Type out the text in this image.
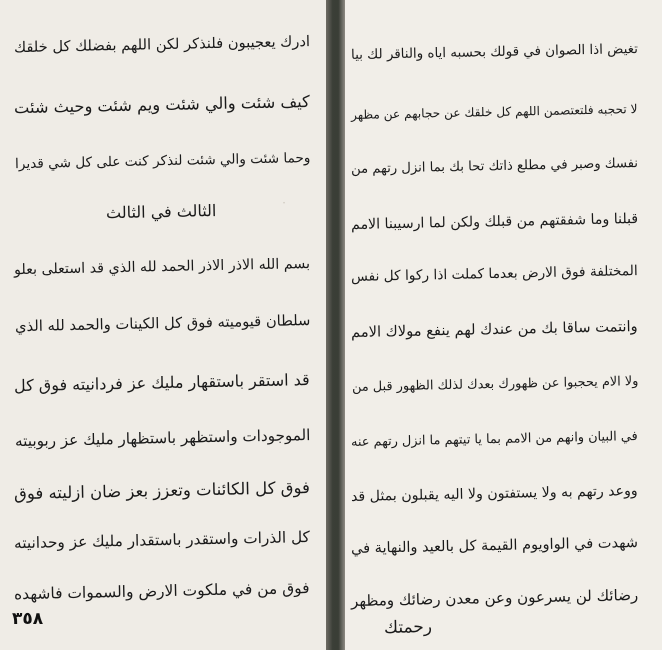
·
ادرك يعجيبون فلنذكر لكن اللهم بفضلك كل خلقك
كيف شئت والي شئت ويم شئت وحيث شئت
وحما شئت والي شئت لنذكر كنت على كل شي قديرا
الثالث في الثالث
بسم الله الاذر الاذر الحمد لله الذي قد استعلى بعلو
سلطان قيوميته فوق كل الكينات والحمد لله الذي
قد استقر باستقهار مليك عز فردانيته فوق كل
الموجودات واستظهر باستظهار مليك عز ربوبيته
فوق كل الكائنات وتعزز بعز ضان ازليته فوق
كل الذرات واستقدر باستقدار مليك عز وحدانيته
فوق من في ملكوت الارض والسموات فاشهده
٣٥٨
تغيض اذا الصوان في قولك بحسبه اياه والناقر لك بيا
لا تحجبه فلتعتصمن اللهم كل خلقك عن حجابهم عن مظهر
نفسك وصبر في مطلع ذاتك تحا بك بما انزل رتهم من
قبلنا وما شفقتهم من قبلك ولكن لما ارسيبنا الامم
المختلفة فوق الارض بعدما كملت اذا ركوا كل نفس
وانتمت ساقا بك من عندك لهم ينفع مولاك الامم
ولا الام يحجبوا عن ظهورك بعدك لذلك الظهور قبل من
في البيان وانهم من الامم بما يا تيتهم ما انزل رتهم عنه
ووعد رتهم به ولا يستفتون ولا اليه يقبلون بمثل قد
شهدت في الواويوم القيمة كل بالعيد والنهاية في
رضائك لن يسرعون وعن معدن رضائك ومظهر
رحمتك
